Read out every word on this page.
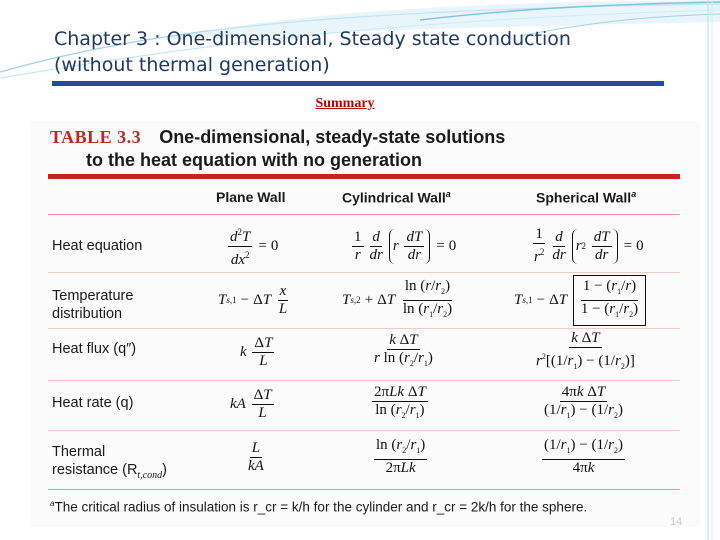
Chapter 3 : One-dimensional, Steady state conduction (without thermal generation)
Summary
TABLE 3.3 One-dimensional, steady-state solutions
to the heat equation with no generation
Plane Wall	Cylindrical Wall$^a$	Spherical Wall$^a$
Heat equation
Temperature
distribution
Heat flux (q″)
Heat rate (q)
Thermal
resistance $(R_{t,cond})$
$\frac{d^2T}{dx^2} = 0$
1
r
d
dr
r

dT
dr
= 0
1
$r^2$
d
dr
r 2

dT
dr
= 0
T s,1 − Δ T

x
L
T s,2 + Δ T

$\ln (r/r_2)$
$\ln (r_1/r_2)$
T s,1 − Δ T

$1 - (r_1/r)$
$1 - (r_1/r_2)$
k

ΔT
L
k ΔT
r $\ln (r_2/r_1)$
k ΔT
$r^2[(1/r_1) - (1/r_2)]$
kA

ΔT
L
2πLk ΔT
$\ln (r_2/r_1)$
4πk ΔT
$(1/r_1) - (1/r_2)$
L
kA
$\ln (r_2/r_1)$
2πLk
$(1/r_1) - (1/r_2)$
4πk
$^a$The critical radius of insulation is r_cr = k/h for the cylinder and r_cr = 2k/h for the sphere.
14
